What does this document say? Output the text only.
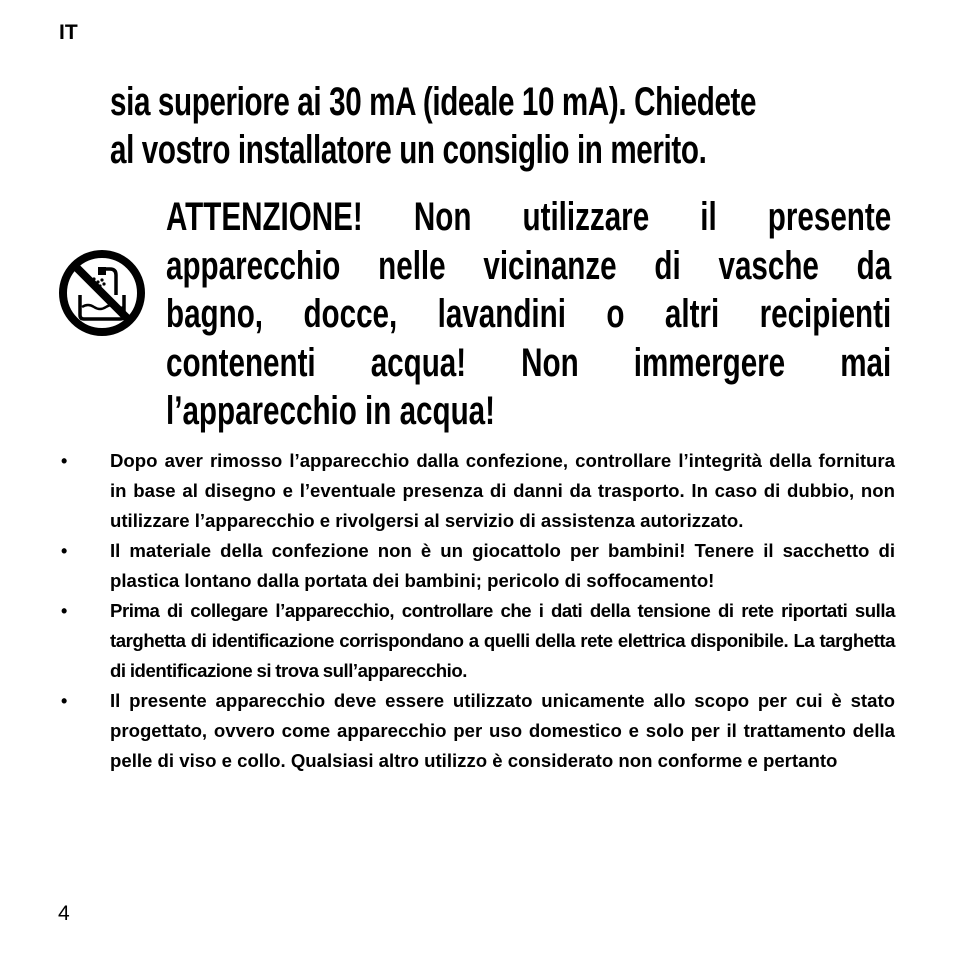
IT
sia superiore ai 30 mA (ideale 10 mA). Chiedete
al vostro installatore un consiglio in merito.
ATTENZIONE! Non utilizzare il presente
apparecchio nelle vicinanze di vasche da
bagno, docce, lavandini o altri recipienti
contenenti acqua! Non immergere mai
l’apparecchio in acqua!
• Dopo aver rimosso l’apparecchio dalla confezione, controllare l’integrità della fornitura in base al disegno e l’eventuale presenza di danni da trasporto. In caso di dubbio, non utilizzare l’apparecchio e rivolgersi al servizio di assistenza autorizzato.
• Il materiale della confezione non è un giocattolo per bambini! Tenere il sacchetto di plastica lontano dalla portata dei bambini; pericolo di soffocamento!
• Prima di collegare l’apparecchio, controllare che i dati della tensione di rete riportati sulla targhetta di identificazione corrispondano a quelli della rete elettrica disponibile. La targhetta di identificazione si trova sull’apparecchio.
• Il presente apparecchio deve essere utilizzato unicamente allo scopo per cui è stato progettato, ovvero come apparecchio per uso domestico e solo per il trattamento della pelle di viso e collo. Qualsiasi altro utilizzo è considerato non conforme e pertanto
4
